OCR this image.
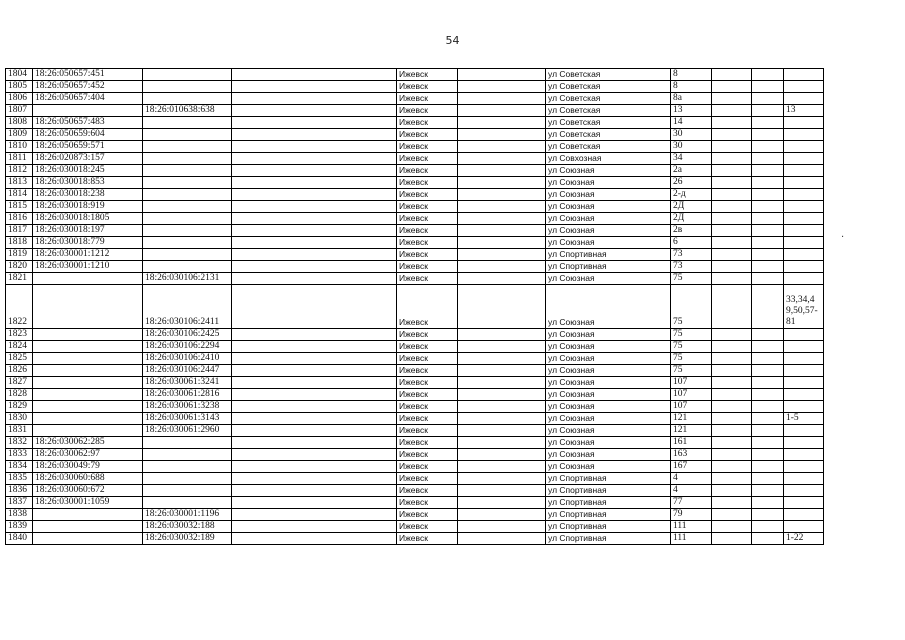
54
·
1804	18:26:050657:451			Ижевск		ул Советская	8			
1805	18:26:050657:452			Ижевск		ул Советская	8			
1806	18:26:050657:404			Ижевск		ул Советская	8а			
1807		18:26:010638:638		Ижевск		ул Советская	13			13
1808	18:26:050657:483			Ижевск		ул Советская	14			
1809	18:26:050659:604			Ижевск		ул Советская	30			
1810	18:26:050659:571			Ижевск		ул Советская	30			
1811	18:26:020873:157			Ижевск		ул Совхозная	34			
1812	18:26:030018:245			Ижевск		ул Союзная	2а			
1813	18:26:030018:853			Ижевск		ул Союзная	26			
1814	18:26:030018:238			Ижевск		ул Союзная	2-д			
1815	18:26:030018:919			Ижевск		ул Союзная	2Д			
1816	18:26:030018:1805			Ижевск		ул Союзная	2Д			
1817	18:26:030018:197			Ижевск		ул Союзная	2в			
1818	18:26:030018:779			Ижевск		ул Союзная	6			
1819	18:26:030001:1212			Ижевск		ул Спортивная	73			
1820	18:26:030001:1210			Ижевск		ул Спортивная	73			
1821		18:26:030106:2131		Ижевск		ул Союзная	75			
1822		18:26:030106:2411		Ижевск		ул Союзная	75			33,34,49,50,57-81
1823		18:26:030106:2425		Ижевск		ул Союзная	75			
1824		18:26:030106:2294		Ижевск		ул Союзная	75			
1825		18:26:030106:2410		Ижевск		ул Союзная	75			
1826		18:26:030106:2447		Ижевск		ул Союзная	75			
1827		18:26:030061:3241		Ижевск		ул Союзная	107			
1828		18:26:030061:2816		Ижевск		ул Союзная	107			
1829		18:26:030061:3238		Ижевск		ул Союзная	107			
1830		18:26:030061:3143		Ижевск		ул Союзная	121			1-5
1831		18:26:030061:2960		Ижевск		ул Союзная	121			
1832	18:26:030062:285			Ижевск		ул Союзная	161			
1833	18:26:030062:97			Ижевск		ул Союзная	163			
1834	18:26:030049:79			Ижевск		ул Союзная	167			
1835	18:26:030060:688			Ижевск		ул Спортивная	4			
1836	18:26:030060:672			Ижевск		ул Спортивная	4			
1837	18:26:030001:1059			Ижевск		ул Спортивная	77			
1838		18:26:030001:1196		Ижевск		ул Спортивная	79			
1839		18:26:030032:188		Ижевск		ул Спортивная	111			
1840		18:26:030032:189		Ижевск		ул Спортивная	111			1-22
